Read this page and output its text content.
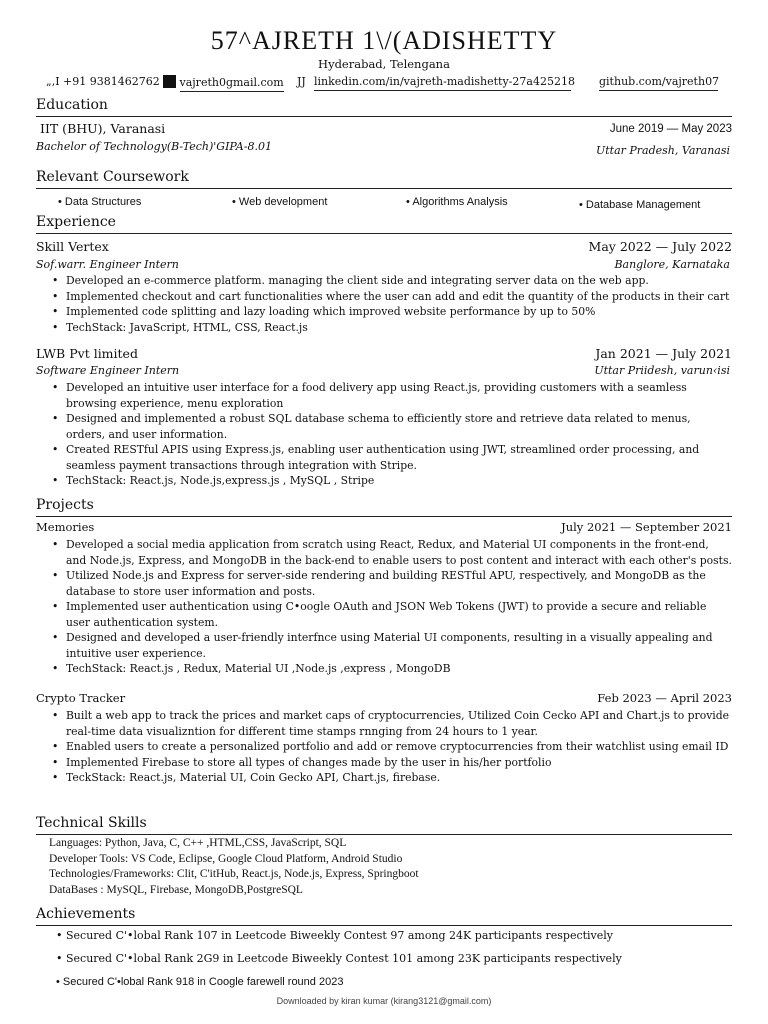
57^AJRETH 1\/(ADISHETTY
Hyderabad, Telengana
„,I +91 9381462762	vajreth0gmail.com JJ linkedin.com/in/vajreth-madishetty-27a425218 github.com/vajreth07
Education
IIT (BHU), Varanasi	June 2019 — May 2023
Bachelor of Technology(B-Tech)'GIPA-8.01	Uttar Pradesh, Varanasi
Relevant Coursework
• Data Structures	• Web development	• Algorithms Analysis	• Database Management
Experience
Skill Vertex	May 2022 — July 2022
Sof.warr. Engineer Intern	Banglore, Karnataka
• Developed an e-commerce platform. managing the client side and integrating server data on the web app.
• Implemented checkout and cart functionalities where the user can add and edit the quantity of the products in their cart
• Implemented code splitting and lazy loading which improved website performance by up to 50%
• TechStack: JavaScript, HTML, CSS, React.js
LWB Pvt limited	Jan 2021 — July 2021
Software Engineer Intern	Uttar Priidesh, varun‹isi
• Developed an intuitive user interface for a food delivery app using React.js, providing customers with a seamless browsing experience, menu exploration
• Designed and implemented a robust SQL database schema to efficiently store and retrieve data related to menus, orders, and user information.
• Created RESTful APIS using Express.js, enabling user authentication using JWT, streamlined order processing, and seamless payment transactions through integration with Stripe.
• TechStack: React.js, Node.js,express.js , MySQL , Stripe
Projects
Memories	July 2021 — September 2021
• Developed a social media application from scratch using React, Redux, and Material UI components in the front-end, and Node.js, Express, and MongoDB in the back-end to enable users to post content and interact with each other's posts.
• Utilized Node.js and Express for server-side rendering and building RESTful APU, respectively, and MongoDB as the database to store user information and posts.
• Implemented user authentication using C•oogle OAuth and JSON Web Tokens (JWT) to provide a secure and reliable user authentication system.
• Designed and developed a user-friendly interfnce using Material UI components, resulting in a visually appealing and intuitive user experience.
• TechStack: React.js , Redux, Material UI ,Node.js ,express , MongoDB
Crypto Tracker	Feb 2023 — April 2023
• Built a web app to track the prices and market caps of cryptocurrencies, Utilized Coin Cecko API and Chart.js to provide real-time data visualizntion for different time stamps rnnging from 24 hours to 1 year.
• Enabled users to create a personalized portfolio and add or remove cryptocurrencies from their watchlist using email ID
• Implemented Firebase to store all types of changes made by the user in his/her portfolio
• TeckStack: React.js, Material UI, Coin Gecko API, Chart.js, firebase.
Technical Skills
Languages: Python, Java, C, C++ ,HTML,CSS, JavaScript, SQL
Developer Tools: VS Code, Eclipse, Google Cloud Platform, Android Studio
Technologies/Frameworks: Clit, C'itHub, React.js, Node.js, Express, Springboot
DataBases : MySQL, Firebase, MongoDB,PostgreSQL
Achievements
• Secured C'•lobal Rank 107 in Leetcode Biweekly Contest 97 among 24K participants respectively
• Secured C'•lobal Rank 2G9 in Leetcode Biweekly Contest 101 among 23K participants respectively
• Secured C'•lobal Rank 918 in Coogle farewell round 2023
Downloaded by kiran kumar (kirang3121@gmail.com)
